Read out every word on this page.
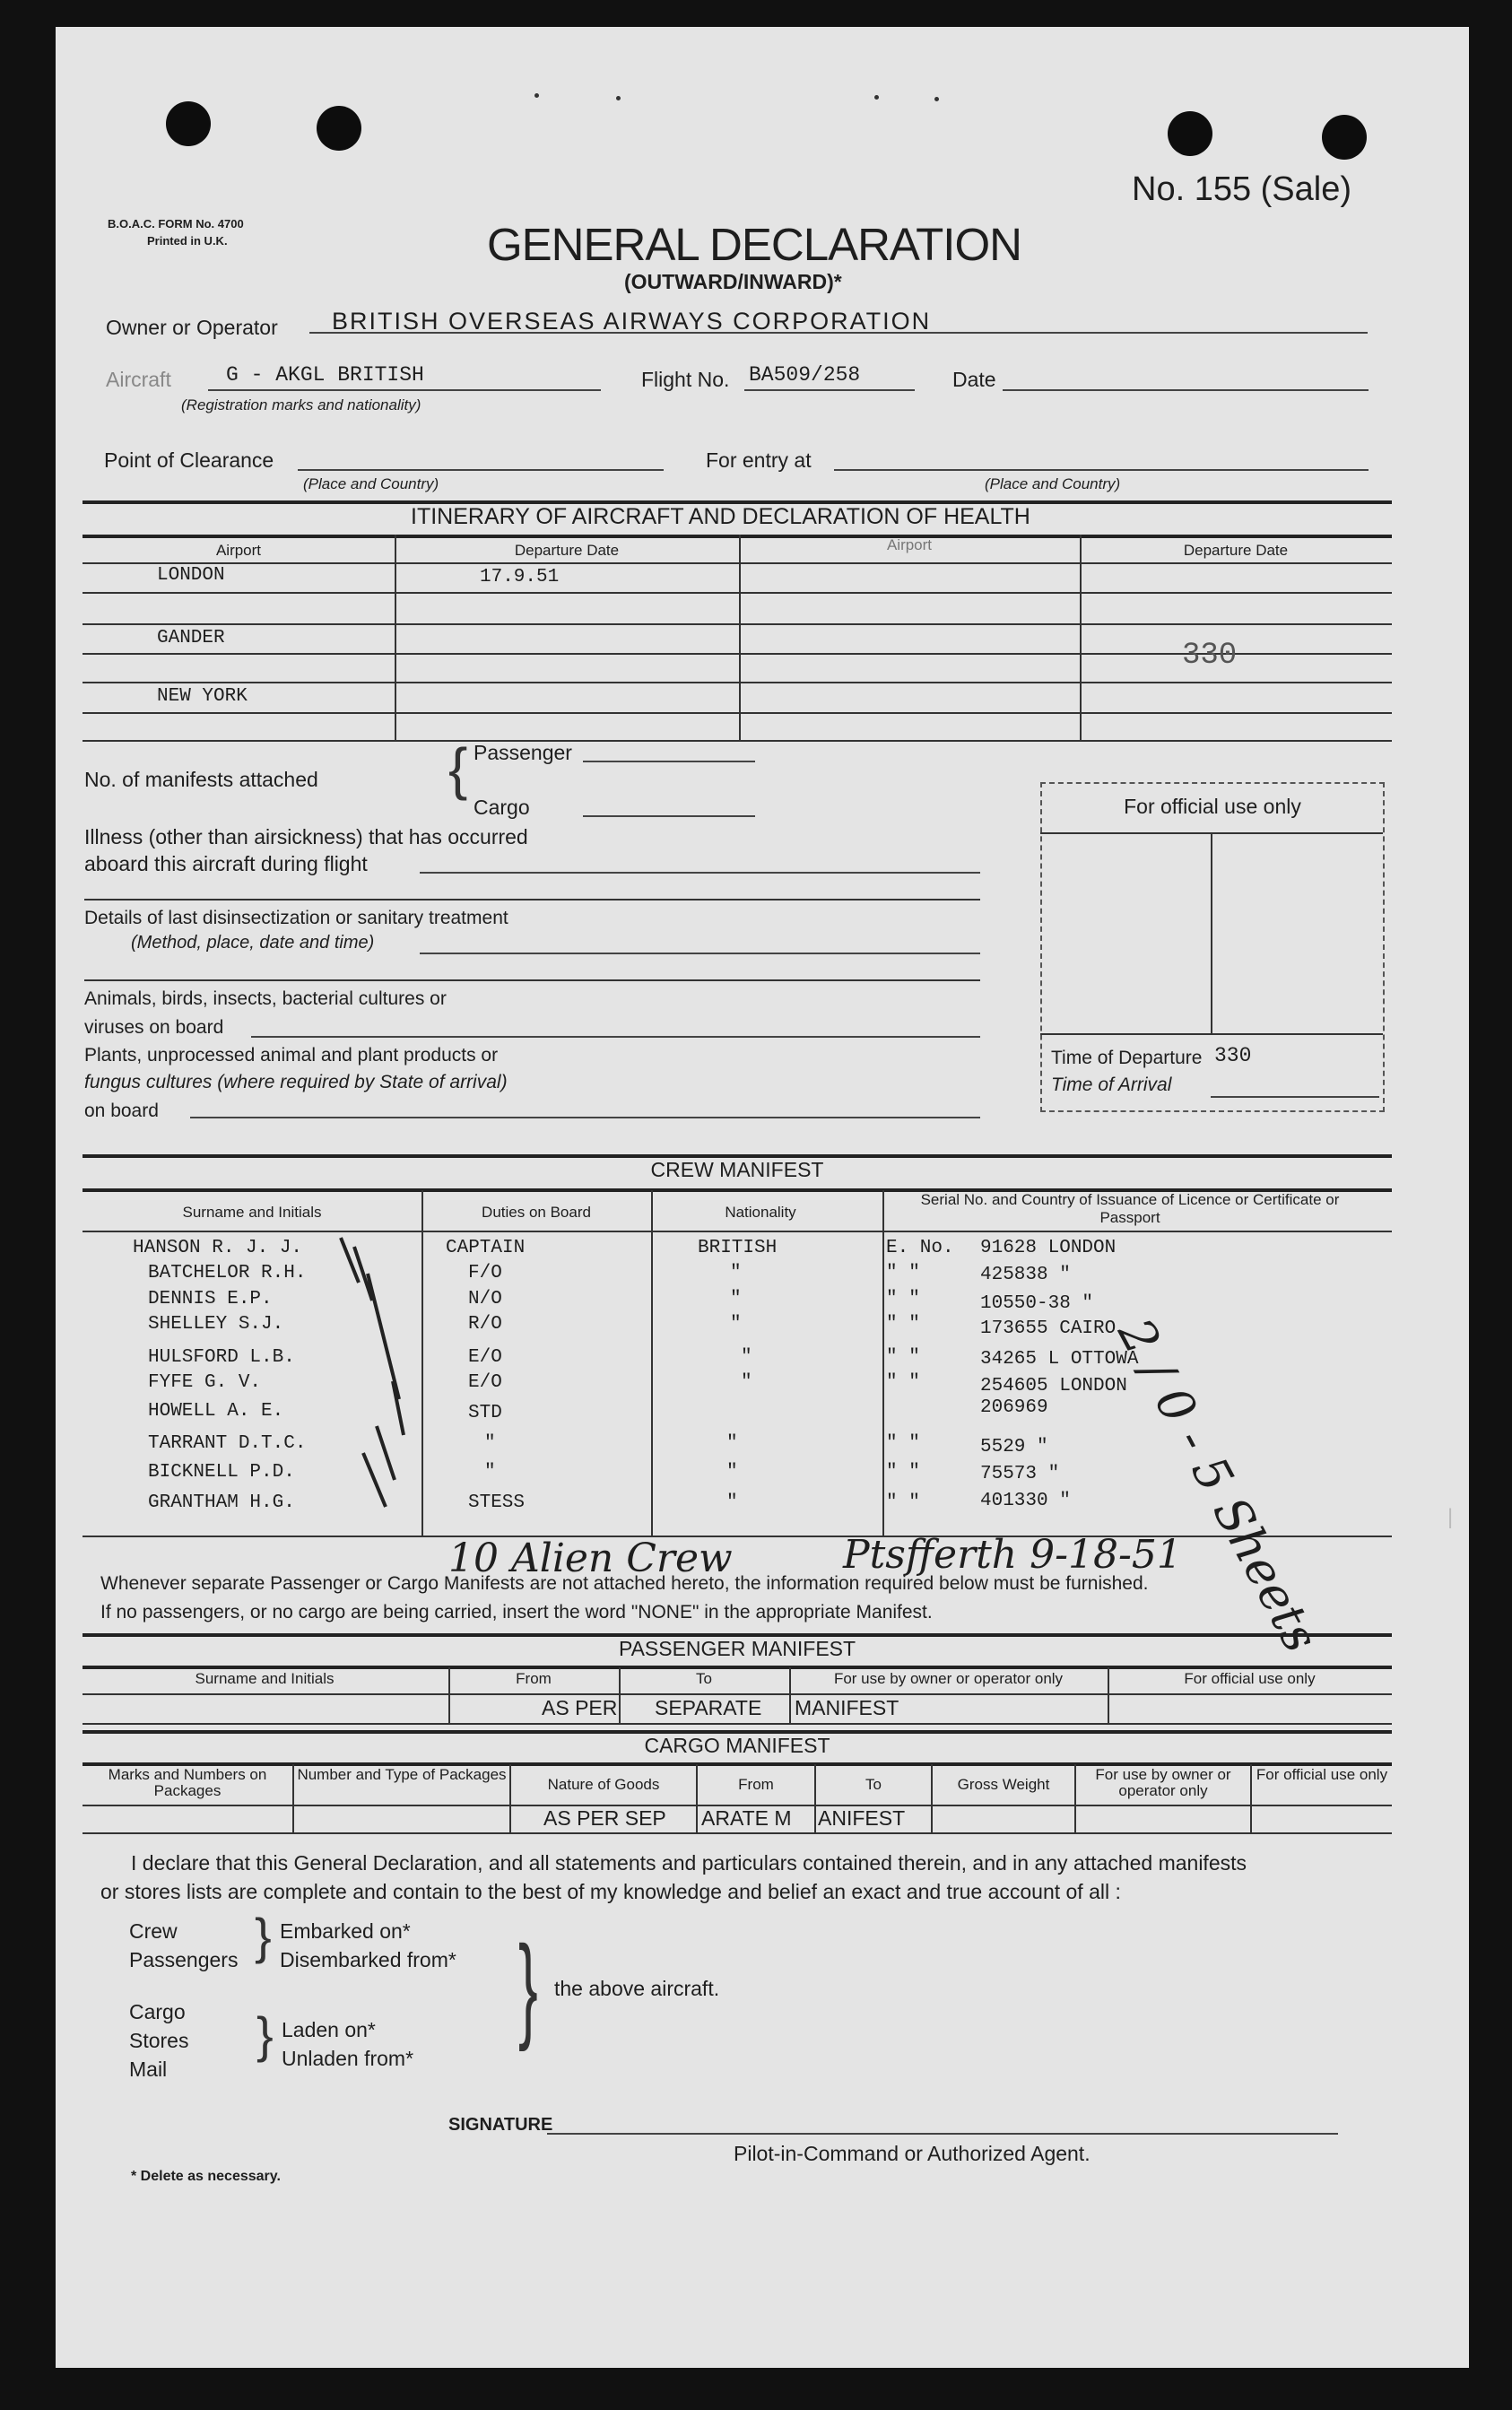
B.O.A.C. FORM No. 4700
Printed in U.K.
No. 155 (Sale)
GENERAL DECLARATION
(OUTWARD/INWARD)*
Owner or Operator BRITISH OVERSEAS AIRWAYS CORPORATION
Aircraft	G - AKGL BRITISH
(Registration marks and nationality)
Flight No. BA509/258	Date
Point of Clearance
(Place and Country)
For entry at
(Place and Country)
ITINERARY OF AIRCRAFT AND DECLARATION OF HEALTH
Airport	Departure Date	Airport	Departure Date
LONDON	17.9.51
GANDER
NEW YORK
330
No. of manifests attached { Passenger
Cargo
Illness (other than airsickness) that has occurred
aboard this aircraft during flight
Details of last disinsectization or sanitary treatment
(Method, place, date and time)
Animals, birds, insects, bacterial cultures or
viruses on board
Plants, unprocessed animal and plant products or
fungus cultures (where required by State of arrival)
on board
For official use only
Time of Departure 330
Time of Arrival
CREW MANIFEST
Surname and Initials	Duties on Board	Nationality
Serial No. and Country of Issuance of Licence or Certificate or Passport
HANSON R. J. J.	CAPTAIN	BRITISH	E. No. 91628 LONDON
BATCHELOR R.H.	F/O	"	" "	425838 "
DENNIS E.P.	N/O	"	" "	10550-38 "
SHELLEY S.J.	R/O	"	" "	173655 CAIRO
HULSFORD L.B.	E/O	"	" "	34265 L OTTOWA
FYFE G. V.	E/O	"	" "	254605 LONDON
HOWELL A. E.	STD	206969
TARRANT D.T.C.	"	"	" "	5529 "
BICKNELL P.D.	"	"	" "	75573 "
GRANTHAM H.G.	STESS	"	" "	401330 " 2 / 0 - 5 Sheets
10 Alien Crew	Ptsfferth 9-18-51
Whenever separate Passenger or Cargo Manifests are not attached hereto, the information required below must be furnished.
If no passengers, or no cargo are being carried, insert the word "NONE" in the appropriate Manifest.
PASSENGER MANIFEST
Surname and Initials	From	To	For use by owner or operator only	For official use only
AS PER SEPARATE MANIFEST
CARGO MANIFEST
Marks and Numbers on Packages
Number and Type of Packages
Nature of Goods	From	To	Gross Weight
For use by owner or operator only
For official use only
AS PER SEP ARATE M ANIFEST
I declare that this General Declaration, and all statements and particulars contained therein, and in any attached manifests
or stores lists are complete and contain to the best of my knowledge and belief an exact and true account of all :
Crew
Passengers } Embarked on*
Disembarked from* } the above aircraft.
Cargo
Stores
Mail
} Laden on*
Unladen from*
SIGNATURE
Pilot-in-Command or Authorized Agent.
* Delete as necessary.
|
